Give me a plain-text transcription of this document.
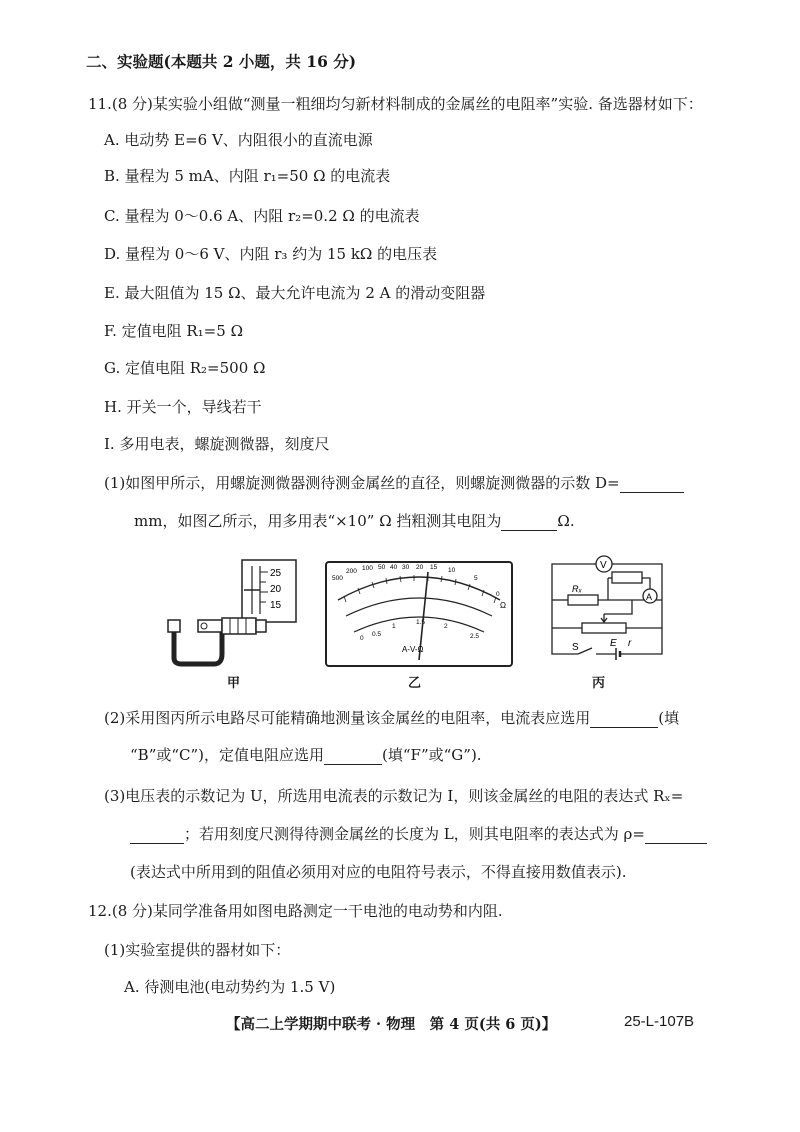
二、实验题(本题共 2 小题，共 16 分)
11.(8 分)某实验小组做“测量一粗细均匀新材料制成的金属丝的电阻率”实验. 备选器材如下：
A. 电动势 E=6 V、内阻很小的直流电源
B. 量程为 5 mA、内阻 r₁=50 Ω 的电流表
C. 量程为 0～0.6 A、内阻 r₂=0.2 Ω 的电流表
D. 量程为 0～6 V、内阻 r₃ 约为 15 kΩ 的电压表
E. 最大阻值为 15 Ω、最大允许电流为 2 A 的滑动变阻器
F. 定值电阻 R₁=5 Ω
G. 定值电阻 R₂=500 Ω
H. 开关一个，导线若干
I. 多用电表，螺旋测微器，刻度尺
(1)如图甲所示，用螺旋测微器测待测金属丝的直径，则螺旋测微器的示数 D=
mm，如图乙所示，用多用表“×10” Ω 挡粗测其电阻为	Ω.
25
20
15
甲
500
200 100 50 40 30 20 15 10
5
0
Ω
0
0.5
1
1.5
2
2.5
A-V-Ω
乙
V
A
Rₓ
S	E r
丙
(2)采用图丙所示电路尽可能精确地测量该金属丝的电阻率，电流表应选用	(填
“B”或“C”)，定值电阻应选用	(填“F”或“G”).
(3)电压表的示数记为 U，所选用电流表的示数记为 I，则该金属丝的电阻的表达式 Rₓ=
；若用刻度尺测得待测金属丝的长度为 L，则其电阻率的表达式为 ρ=
(表达式中所用到的阻值必须用对应的电阻符号表示，不得直接用数值表示).
12.(8 分)某同学准备用如图电路测定一干电池的电动势和内阻.
(1)实验室提供的器材如下：
A. 待测电池(电动势约为 1.5 V)
【高二上学期期中联考 · 物理　第 4 页(共 6 页)】	25-L-107B
